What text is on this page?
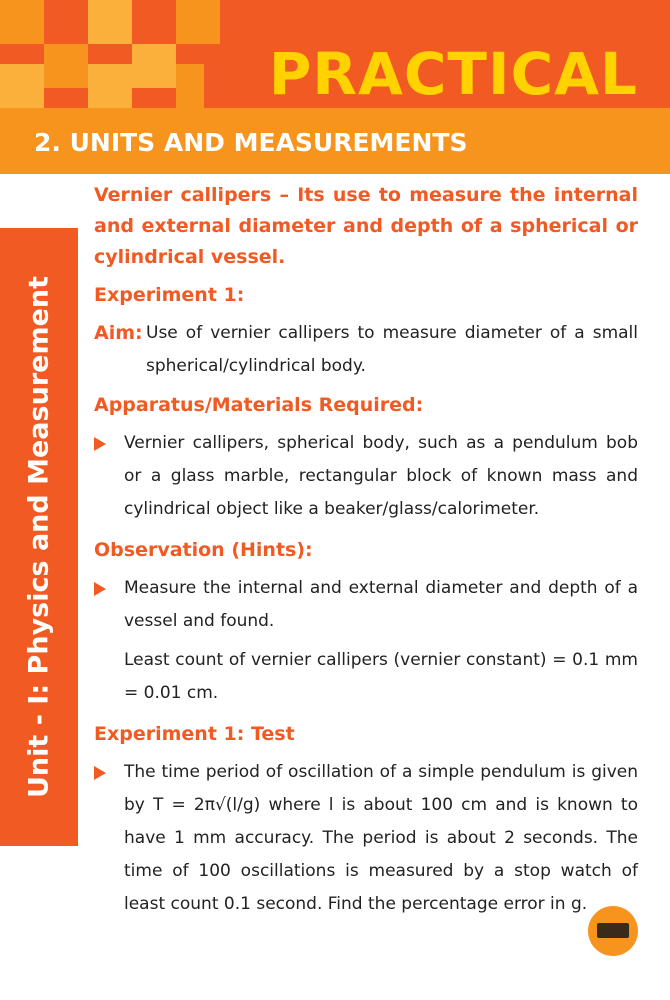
PRACTICAL
2. UNITS AND MEASUREMENTS
Unit - I: Physics and Measurement

Vernier callipers – Its use to measure the internal and external diameter and depth of a spherical or cylindrical vessel.

Experiment 1:

Aim: Use of vernier callipers to measure diameter of a small spherical/cylindrical body.

Apparatus/Materials Required:

Vernier callipers, spherical body, such as a pendulum bob or a glass marble, rectangular block of known mass and cylindrical object like a beaker/glass/calorimeter.

Observation (Hints):

Measure the internal and external diameter and depth of a vessel and found.
Least count of vernier callipers (vernier constant) = 0.1 mm = 0.01 cm.

Experiment 1: Test

The time period of oscillation of a simple pendulum is given by T = 2π√(l/g) where l is about 100 cm and is known to have 1 mm accuracy. The period is about 2 seconds. The time of 100 oscillations is measured by a stop watch of least count 0.1 second. Find the percentage error in g.
